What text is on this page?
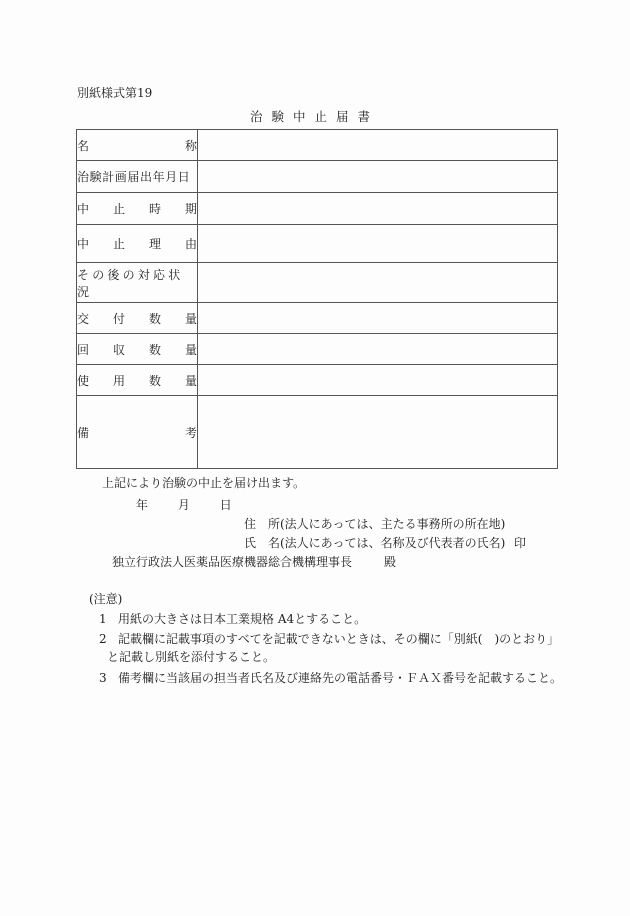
別紙様式第19
治験中止届書
名 称	

治験計画届出年月日	

中 止 時 期	

中 止 理 由	

その後の対応状況	

交 付 数 量	

回 収 数 量	

使 用 数 量	

備 考	

上記により治験の中止を届け出ます。
年 月 日
住　所(法人にあっては、主たる事務所の所在地)
氏　名(法人にあっては、名称及び代表者の氏名) 印
独立行政法人医薬品医療機器総合機構理事長	殿
(注意)
1 用紙の大きさは日本工業規格 A4とすること。
2 記載欄に記載事項のすべてを記載できないときは、その欄に「別紙(　)のとおり」
と記載し別紙を添付すること。
3 備考欄に当該届の担当者氏名及び連絡先の電話番号・ＦＡＸ番号を記載すること。
